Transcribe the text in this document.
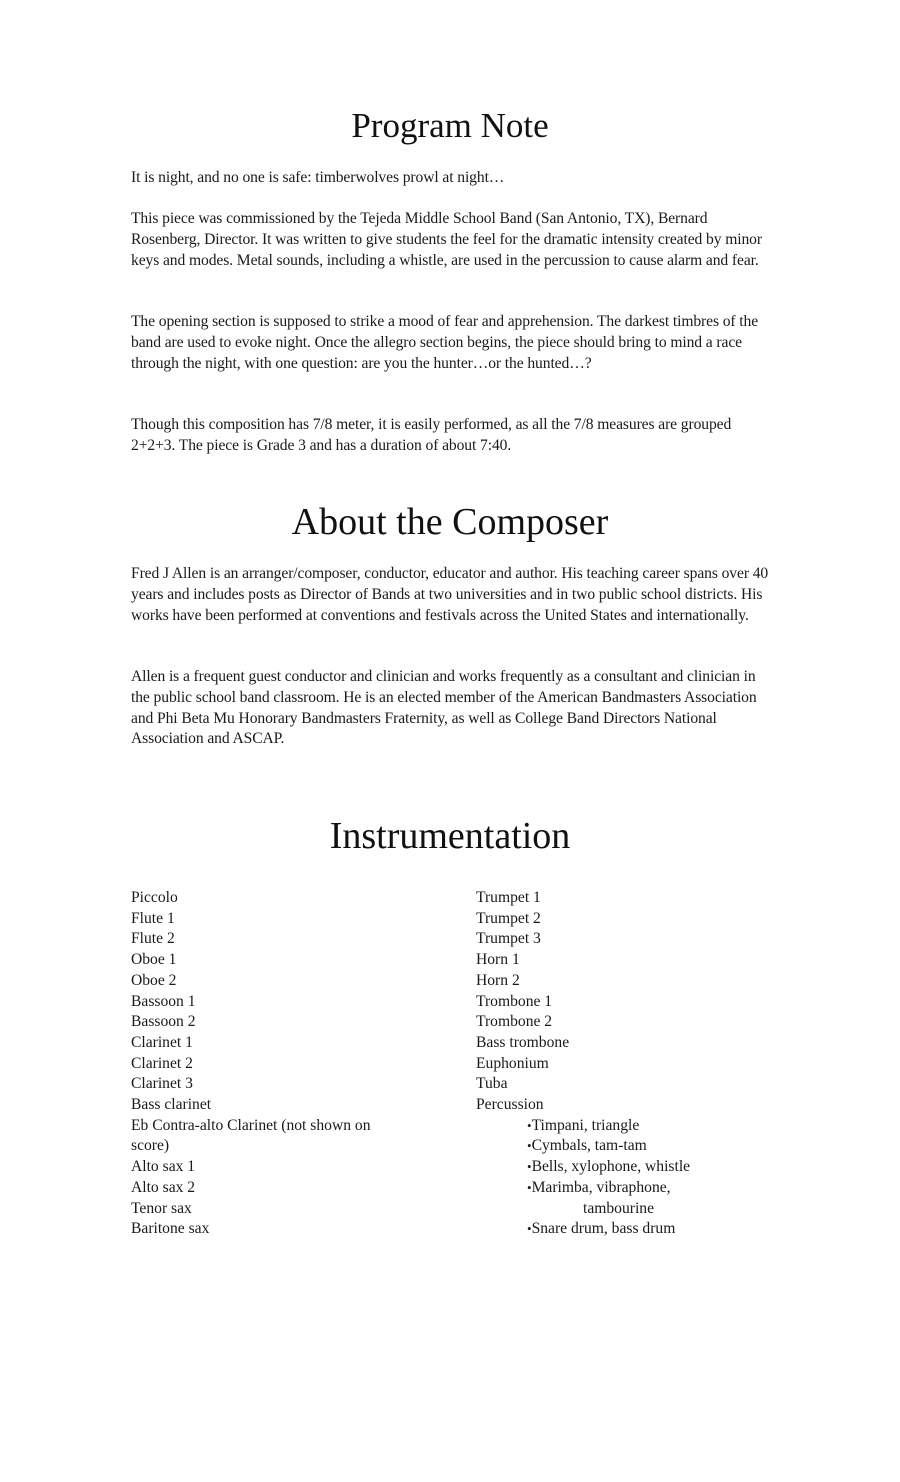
Program Note

It is night, and no one is safe: timberwolves prowl at night…

This piece was commissioned by the Tejeda Middle School Band (San Antonio, TX), Bernard Rosenberg, Director. It was written to give students the feel for the dramatic intensity created by minor keys and modes. Metal sounds, including a whistle, are used in the percussion to cause alarm and fear.

The opening section is supposed to strike a mood of fear and apprehension. The darkest timbres of the band are used to evoke night. Once the allegro section begins, the piece should bring to mind a race through the night, with one question: are you the hunter…or the hunted…?

Though this composition has 7/8 meter, it is easily performed, as all the 7/8 measures are grouped 2+2+3. The piece is Grade 3 and has a duration of about 7:40.

About the Composer

Fred J Allen is an arranger/composer, conductor, educator and author. His teaching career spans over 40 years and includes posts as Director of Bands at two universities and in two public school districts. His works have been performed at conventions and festivals across the United States and internationally.

Allen is a frequent guest conductor and clinician and works frequently as a consultant and clinician in the public school band classroom. He is an elected member of the American Bandmasters Association and Phi Beta Mu Honorary Bandmasters Fraternity, as well as College Band Directors National Association and ASCAP.

Instrumentation
Piccolo
Flute 1
Flute 2
Oboe 1
Oboe 2
Bassoon 1
Bassoon 2
Clarinet 1
Clarinet 2
Clarinet 3
Bass clarinet
Eb Contra-alto Clarinet (not shown on
score)
Alto sax 1
Alto sax 2
Tenor sax
Baritone sax
Trumpet 1
Trumpet 2
Trumpet 3
Horn 1
Horn 2
Trombone 1
Trombone 2
Bass trombone
Euphonium
Tuba
Percussion
•Timpani, triangle
•Cymbals, tam-tam
•Bells, xylophone, whistle
•Marimba, vibraphone,
tambourine
•Snare drum, bass drum
